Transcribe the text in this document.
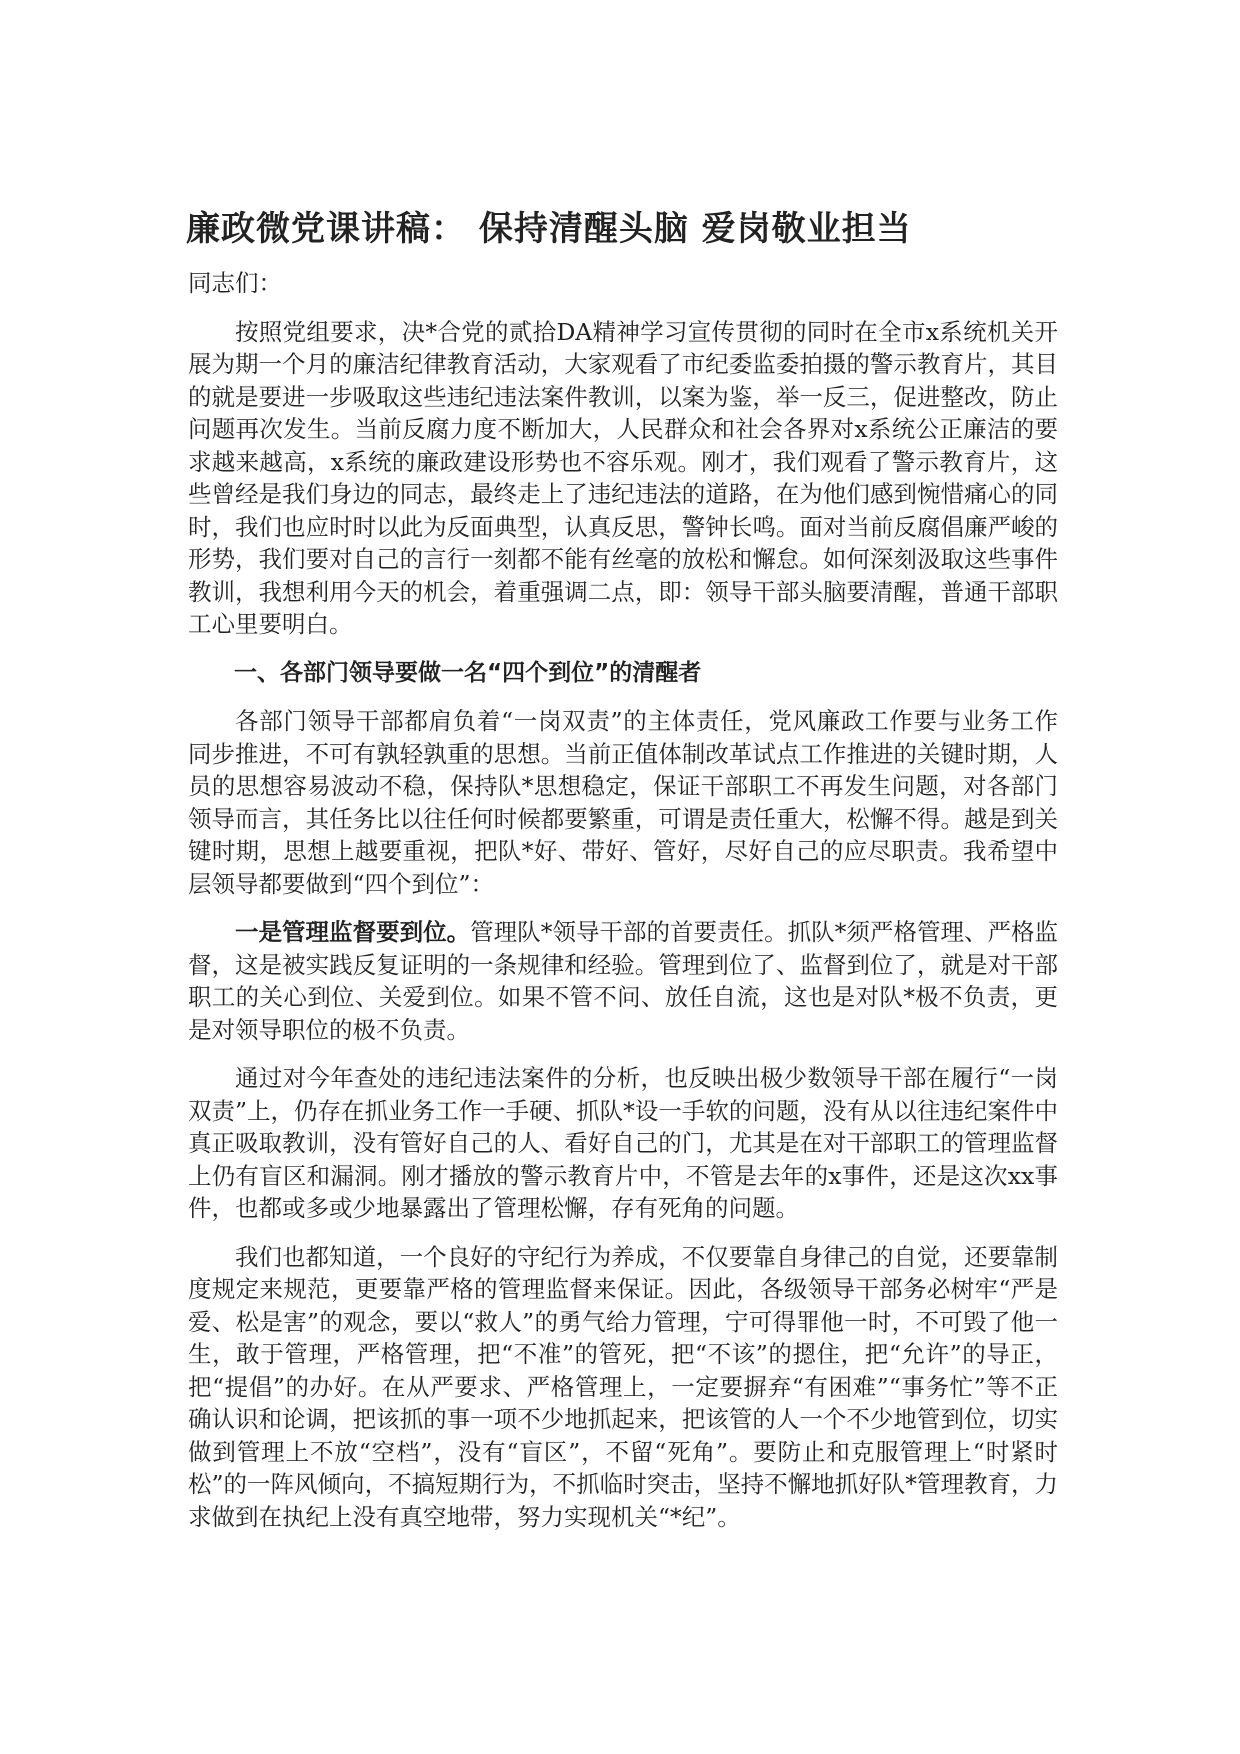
廉政微党课讲稿： 保持清醒头脑 爱岗敬业担当

同志们：

按照党组要求，决*合党的贰拾DA精神学习宣传贯彻的同时在全市x系统机关开展为期一个月的廉洁纪律教育活动，大家观看了市纪委监委拍摄的警示教育片，其目的就是要进一步吸取这些违纪违法案件教训，以案为鉴，举一反三，促进整改，防止问题再次发生。当前反腐力度不断加大，人民群众和社会各界对x系统公正廉洁的要求越来越高，x系统的廉政建设形势也不容乐观。刚才，我们观看了警示教育片，这些曾经是我们身边的同志，最终走上了违纪违法的道路，在为他们感到惋惜痛心的同时，我们也应时时以此为反面典型，认真反思，警钟长鸣。面对当前反腐倡廉严峻的形势，我们要对自己的言行一刻都不能有丝毫的放松和懈怠。如何深刻汲取这些事件教训，我想利用今天的机会，着重强调二点，即：领导干部头脑要清醒，普通干部职工心里要明白。

一、各部门领导要做一名“四个到位”的清醒者

各部门领导干部都肩负着“一岗双责”的主体责任，党风廉政工作要与业务工作同步推进，不可有孰轻孰重的思想。当前正值体制改革试点工作推进的关键时期，人员的思想容易波动不稳，保持队*思想稳定，保证干部职工不再发生问题，对各部门领导而言，其任务比以往任何时候都要繁重，可谓是责任重大，松懈不得。越是到关键时期，思想上越要重视，把队*好、带好、管好，尽好自己的应尽职责。我希望中层领导都要做到“四个到位”：

一是管理监督要到位。管理队*领导干部的首要责任。抓队*须严格管理、严格监督，这是被实践反复证明的一条规律和经验。管理到位了、监督到位了，就是对干部职工的关心到位、关爱到位。如果不管不问、放任自流，这也是对队*极不负责，更是对领导职位的极不负责。

通过对今年查处的违纪违法案件的分析，也反映出极少数领导干部在履行“一岗双责”上，仍存在抓业务工作一手硬、抓队*设一手软的问题，没有从以往违纪案件中真正吸取教训，没有管好自己的人、看好自己的门，尤其是在对干部职工的管理监督上仍有盲区和漏洞。刚才播放的警示教育片中，不管是去年的x事件，还是这次xx事件，也都或多或少地暴露出了管理松懈，存有死角的问题。

我们也都知道，一个良好的守纪行为养成，不仅要靠自身律己的自觉，还要靠制度规定来规范，更要靠严格的管理监督来保证。因此，各级领导干部务必树牢“严是爱、松是害”的观念，要以“救人”的勇气给力管理，宁可得罪他一时，不可毁了他一生，敢于管理，严格管理，把“不准”的管死，把“不该”的摁住，把“允许”的导正，把“提倡”的办好。在从严要求、严格管理上，一定要摒弃“有困难”“事务忙”等不正确认识和论调，把该抓的事一项不少地抓起来，把该管的人一个不少地管到位，切实做到管理上不放“空档”，没有“盲区”，不留“死角”。要防止和克服管理上“时紧时松”的一阵风倾向，不搞短期行为，不抓临时突击，坚持不懈地抓好队*管理教育，力求做到在执纪上没有真空地带，努力实现机关“*纪”。
